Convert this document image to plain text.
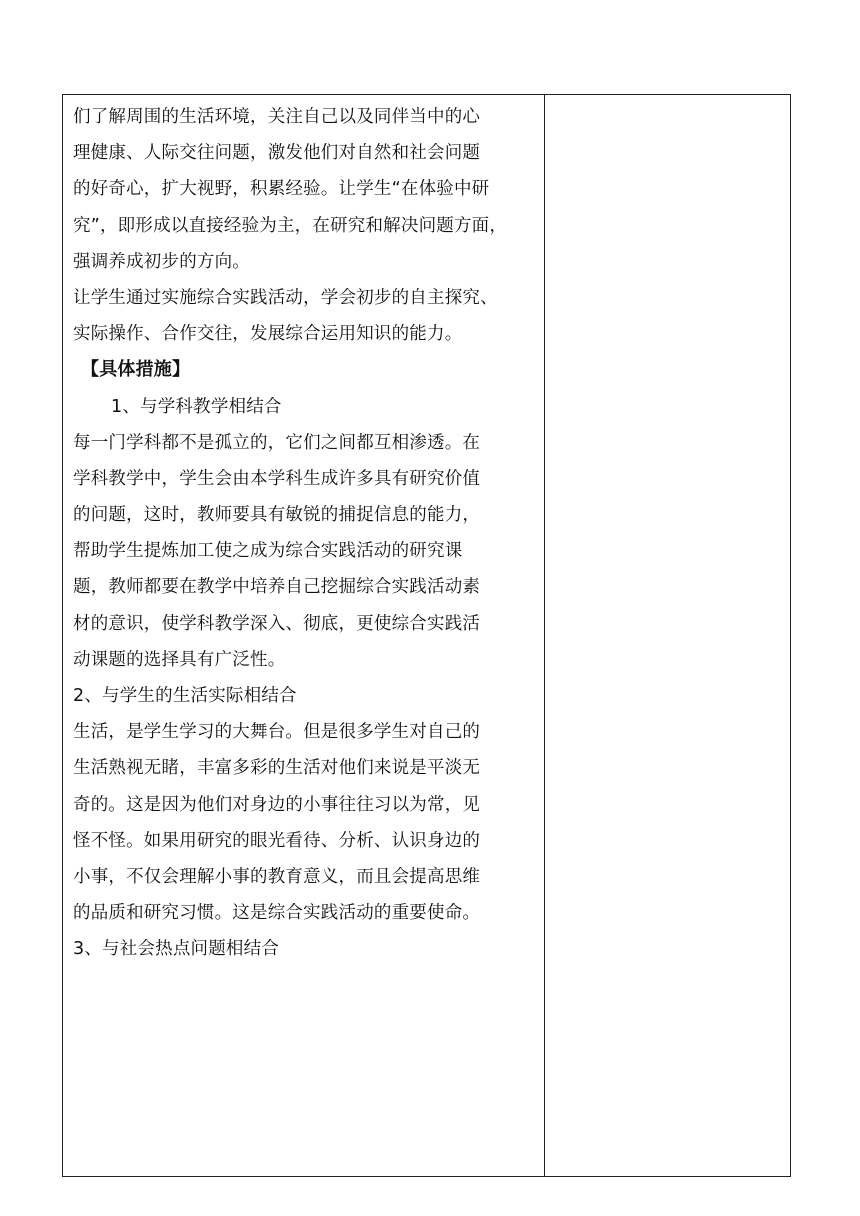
们了解周围的生活环境，关注自己以及同伴当中的心
理健康、人际交往问题，激发他们对自然和社会问题
的好奇心，扩大视野，积累经验。让学生“在体验中研
究”，即形成以直接经验为主，在研究和解决问题方面，
强调养成初步的方向。
让学生通过实施综合实践活动，学会初步的自主探究、
实际操作、合作交往，发展综合运用知识的能力。
【具体措施】
1、与学科教学相结合
每一门学科都不是孤立的，它们之间都互相渗透。在
学科教学中，学生会由本学科生成许多具有研究价值
的问题，这时，教师要具有敏锐的捕捉信息的能力，
帮助学生提炼加工使之成为综合实践活动的研究课
题，教师都要在教学中培养自己挖掘综合实践活动素
材的意识，使学科教学深入、彻底，更使综合实践活
动课题的选择具有广泛性。
2、与学生的生活实际相结合
生活，是学生学习的大舞台。但是很多学生对自己的
生活熟视无睹，丰富多彩的生活对他们来说是平淡无
奇的。这是因为他们对身边的小事往往习以为常，见
怪不怪。如果用研究的眼光看待、分析、认识身边的
小事，不仅会理解小事的教育意义，而且会提高思维
的品质和研究习惯。这是综合实践活动的重要使命。
3、与社会热点问题相结合
